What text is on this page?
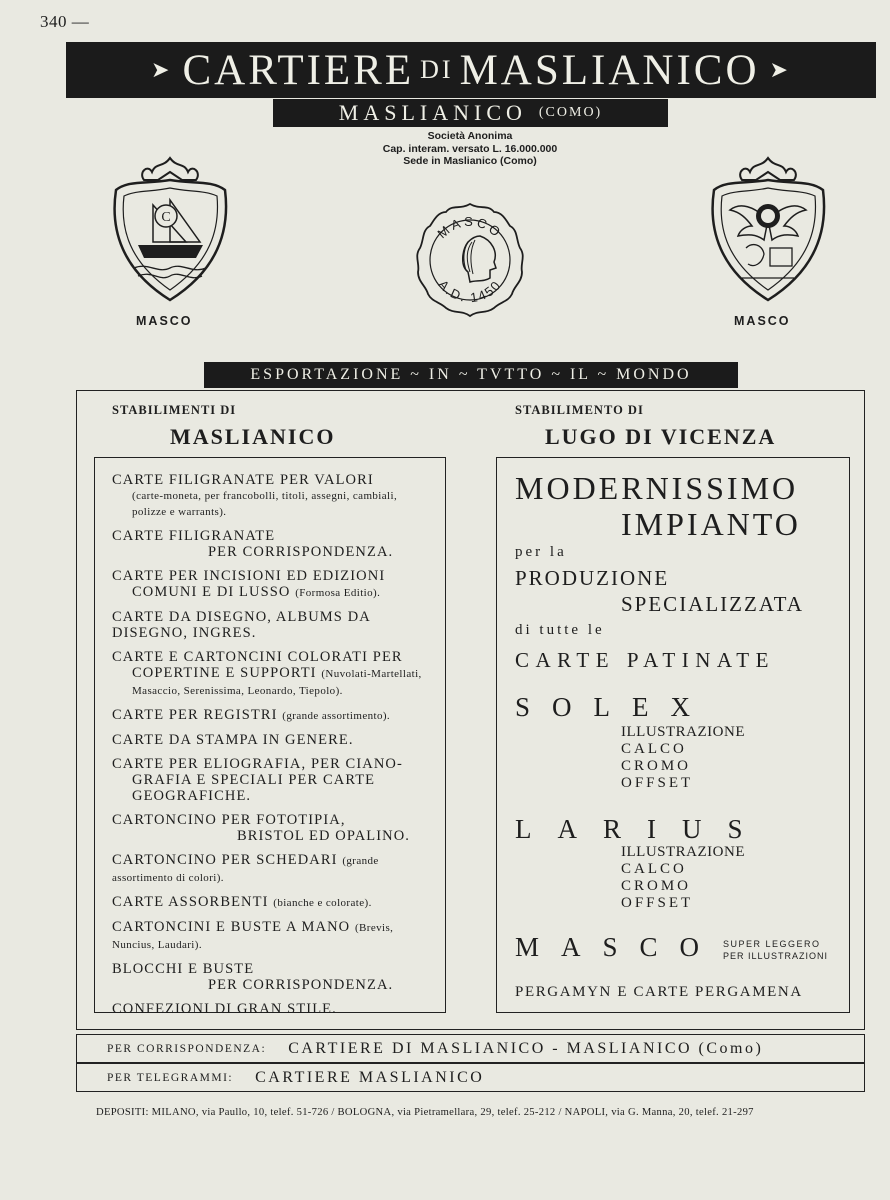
340 —
➤ CARTIERE DI MASLIANICO ➤
MASLIANICO (COMO)
Società Anonima
Cap. interam. versato L. 16.000.000
Sede in Maslianico (Como)
C
MASCO
MASCO
A.D. 1450
MASCO
ESPORTAZIONE ~ IN ~ TVTTO ~ IL ~ MONDO
STABILIMENTI DI
MASLIANICO
STABILIMENTO DI
LUGO DI VICENZA
CARTE FILIGRANATE PER VALORI
(carte-moneta, per francobolli, titoli, assegni, cambiali, polizze e warrants).
CARTE FILIGRANATE
PER CORRISPONDENZA.
CARTE PER INCISIONI ED EDIZIONI
COMUNI E DI LUSSO (Formosa Editio).
CARTE DA DISEGNO, ALBUMS DA
DISEGNO, INGRES.
CARTE E CARTONCINI COLORATI PER
COPERTINE E SUPPORTI (Nuvolati-Martellati, Masaccio, Serenissima, Leonardo, Tiepolo).
CARTE PER REGISTRI (grande assortimento).
CARTE DA STAMPA IN GENERE.
CARTE PER ELIOGRAFIA, PER CIANO-
GRAFIA E SPECIALI PER CARTE
GEOGRAFICHE.
CARTONCINO PER FOTOTIPIA,
BRISTOL ED OPALINO.
CARTONCINO PER SCHEDARI (grande assortimento di colori).
CARTE ASSORBENTI (bianche e colorate).
CARTONCINI E BUSTE A MANO (Brevis, Nuncius, Laudari).
BLOCCHI E BUSTE
PER CORRISPONDENZA.
CONFEZIONI DI GRAN STILE.
MODERNISSIMO
IMPIANTO
per la
PRODUZIONE
SPECIALIZZATA
di tutte le
CARTE PATINATE
SOLEX
ILLUSTRAZIONE
CALCO
CROMO
OFFSET
LARIUS
ILLUSTRAZIONE
CALCO
CROMO
OFFSET
MASCO SUPER LEGGERO
PER ILLUSTRAZIONI
PERGAMYN E CARTE PERGAMENA
PER CORRISPONDENZA: CARTIERE DI MASLIANICO - MASLIANICO (Como)
PER TELEGRAMMI: CARTIERE MASLIANICO
DEPOSITI: MILANO, via Paullo, 10, telef. 51-726 / BOLOGNA, via Pietramellara, 29, telef. 25-212 / NAPOLI, via G. Manna, 20, telef. 21-297
